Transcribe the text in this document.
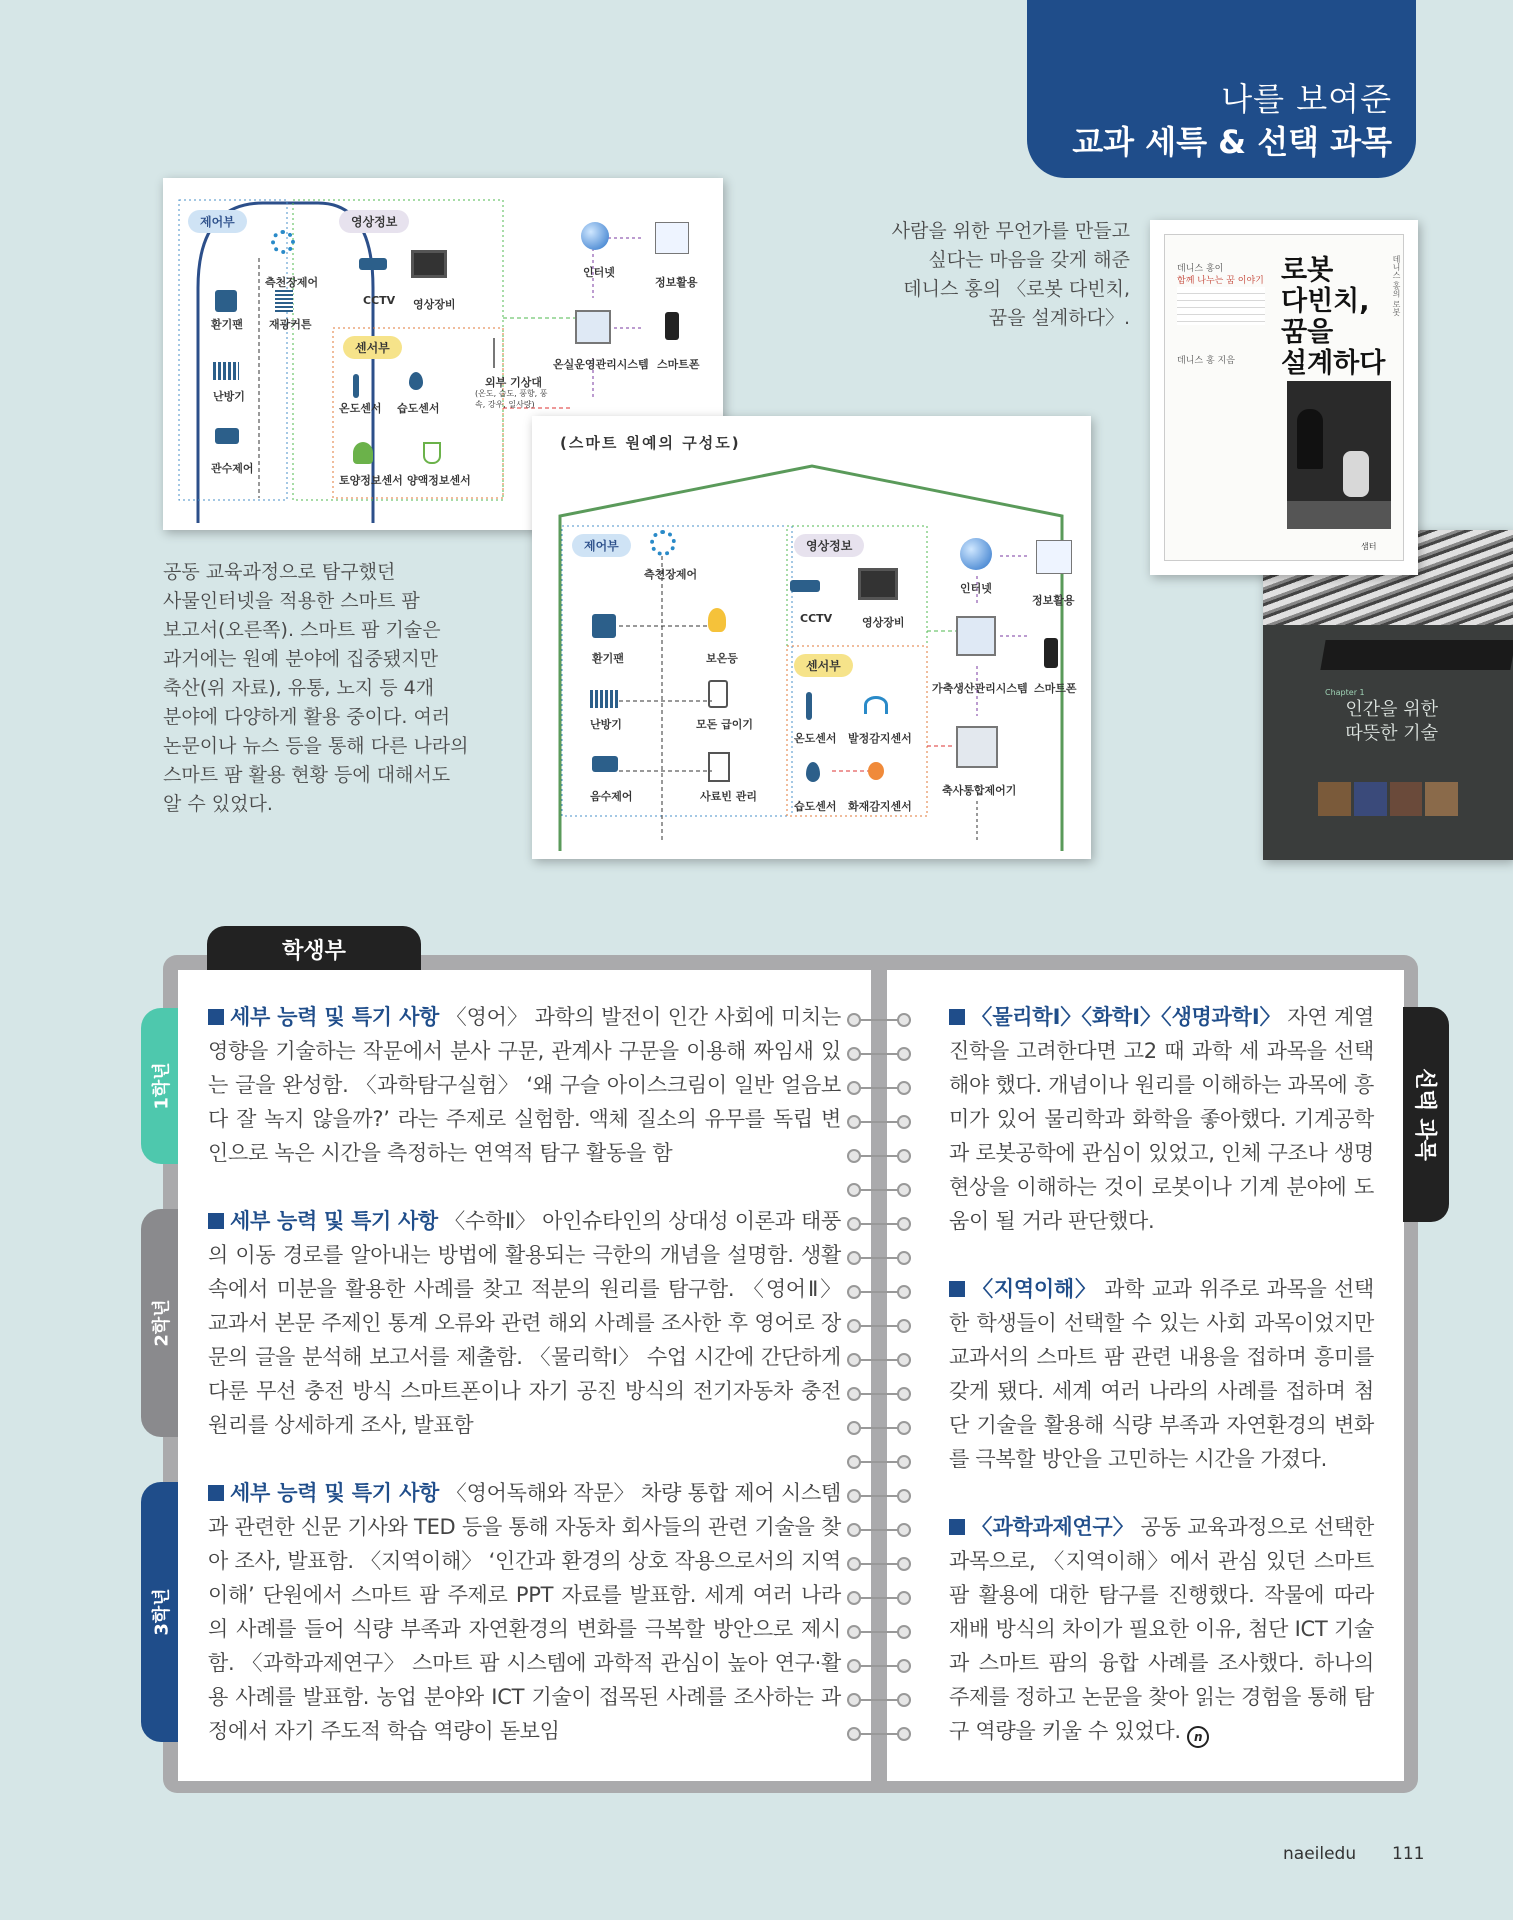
나를 보여준
교과 세특 & 선택 과목
제어부	영상정보
센서부
측천장제어
환기팬 재광커튼
난방기
관수제어
CCTV 영상장비
인터넷
정보활용
온실운영관리시스템 스마트폰
외부 기상대
(온도, 습도, 풍향, 풍속, 강우, 일사량)
온도센서 습도센서
토양정보센서 양액정보센서
(스마트 원예의 구성도)
제어부	영상정보
센서부
측천장제어
환기팬	보온등
난방기	모돈 급이기
음수제어	사료빈 관리
CCTV	영상장비
인터넷
정보활용
가축생산관리시스템 스마트폰
온도센서 발정감지센서
습도센서 화재감지센서
축사통합제어기
공동 교육과정으로 탐구했던
사물인터넷을 적용한 스마트 팜
보고서(오른쪽). 스마트 팜 기술은
과거에는 원예 분야에 집중됐지만
축산(위 자료), 유통, 노지 등 4개
분야에 다양하게 활용 중이다. 여러
논문이나 뉴스 등을 통해 다른 나라의
스마트 팜 활용 현황 등에 대해서도
알 수 있었다.
사람을 위한 무언가를 만들고
싶다는 마음을 갖게 해준
데니스 홍의 〈로봇 다빈치,
꿈을 설계하다〉.
Chapter 1
인간을 위한
따뜻한 기술
데니스 홍이
함께 나누는 꿈 이야기 로봇
다빈치,
꿈을
설계하다
데니스 홍의 로봇
데니스 홍 지음
샘터
학생부
1학년
2학년
3학년
세부 능력 및 특기 사항 〈영어〉 과학의 발전이 인간 사회에 미치는 영향을 기술하는 작문에서 분사 구문, 관계사 구문을 이용해 짜임새 있는 글을 완성함. 〈과학탐구실험〉 ‘왜 구슬 아이스크림이 일반 얼음보다 잘 녹지 않을까?’ 라는 주제로 실험함. 액체 질소의 유무를 독립 변인으로 녹은 시간을 측정하는 연역적 탐구 활동을 함
세부 능력 및 특기 사항 〈수학Ⅱ〉 아인슈타인의 상대성 이론과 태풍의 이동 경로를 알아내는 방법에 활용되는 극한의 개념을 설명함. 생활 속에서 미분을 활용한 사례를 찾고 적분의 원리를 탐구함. 〈영어Ⅱ〉 교과서 본문 주제인 통계 오류와 관련 해외 사례를 조사한 후 영어로 장문의 글을 분석해 보고서를 제출함. 〈물리학Ⅰ〉 수업 시간에 간단하게 다룬 무선 충전 방식 스마트폰이나 자기 공진 방식의 전기자동차 충전 원리를 상세하게 조사, 발표함
세부 능력 및 특기 사항 〈영어독해와 작문〉 차량 통합 제어 시스템과 관련한 신문 기사와 TED 등을 통해 자동차 회사들의 관련 기술을 찾아 조사, 발표함. 〈지역이해〉 ‘인간과 환경의 상호 작용으로서의 지역이해’ 단원에서 스마트 팜 주제로 PPT 자료를 발표함. 세계 여러 나라의 사례를 들어 식량 부족과 자연환경의 변화를 극복할 방안으로 제시함. 〈과학과제연구〉 스마트 팜 시스템에 과학적 관심이 높아 연구·활용 사례를 발표함. 농업 분야와 ICT 기술이 접목된 사례를 조사하는 과정에서 자기 주도적 학습 역량이 돋보임
〈물리학Ⅰ〉〈화학Ⅰ〉〈생명과학Ⅰ〉 자연 계열 진학을 고려한다면 고2 때 과학 세 과목을 선택해야 했다. 개념이나 원리를 이해하는 과목에 흥미가 있어 물리학과 화학을 좋아했다. 기계공학과 로봇공학에 관심이 있었고, 인체 구조나 생명 현상을 이해하는 것이 로봇이나 기계 분야에 도움이 될 거라 판단했다.
〈지역이해〉 과학 교과 위주로 과목을 선택한 학생들이 선택할 수 있는 사회 과목이었지만 교과서의 스마트 팜 관련 내용을 접하며 흥미를 갖게 됐다. 세계 여러 나라의 사례를 접하며 첨단 기술을 활용해 식량 부족과 자연환경의 변화를 극복할 방안을 고민하는 시간을 가졌다.
〈과학과제연구〉 공동 교육과정으로 선택한 과목으로, 〈지역이해〉에서 관심 있던 스마트 팜 활용에 대한 탐구를 진행했다. 작물에 따라 재배 방식의 차이가 필요한 이유, 첨단 ICT 기술과 스마트 팜의 융합 사례를 조사했다. 하나의 주제를 정하고 논문을 찾아 읽는 경험을 통해 탐구 역량을 키울 수 있었다. n
선택 과목
naeiledu 111
